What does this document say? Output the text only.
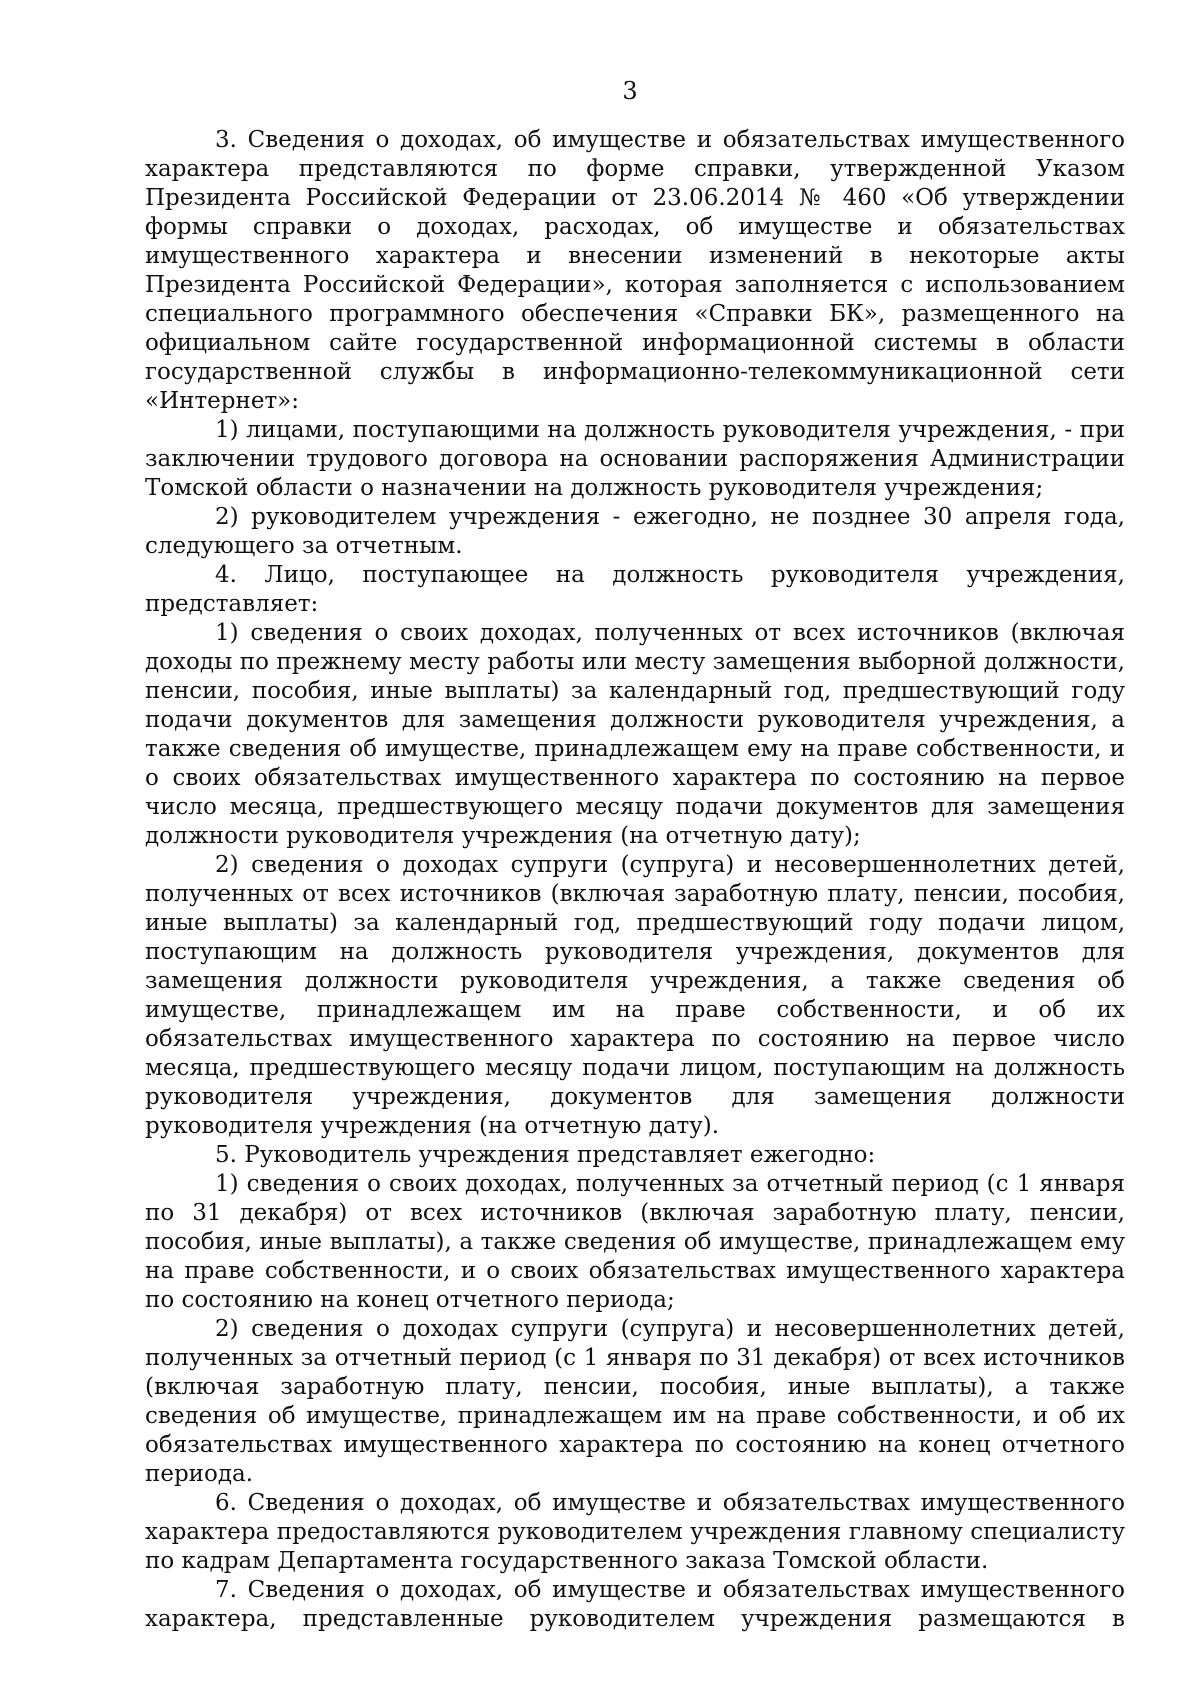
3

3. Сведения о доходах, об имуществе и обязательствах имущественного характера представляются по форме справки, утвержденной Указом Президента Российской Федерации от 23.06.2014 № 460 «Об утверждении формы справки о доходах, расходах, об имуществе и обязательствах имущественного характера и внесении изменений в некоторые акты Президента Российской Федерации», которая заполняется с использованием специального программного обеспечения «Справки БК», размещенного на официальном сайте государственной информационной системы в области государственной службы в информационно-телекоммуникационной сети «Интернет»:

1) лицами, поступающими на должность руководителя учреждения, - при заключении трудового договора на основании распоряжения Администрации Томской области о назначении на должность руководителя учреждения;

2) руководителем учреждения - ежегодно, не позднее 30 апреля года, следующего за отчетным.

4. Лицо, поступающее на должность руководителя учреждения, представляет:

1) сведения о своих доходах, полученных от всех источников (включая доходы по прежнему месту работы или месту замещения выборной должности, пенсии, пособия, иные выплаты) за календарный год, предшествующий году подачи документов для замещения должности руководителя учреждения, а также сведения об имуществе, принадлежащем ему на праве собственности, и о своих обязательствах имущественного характера по состоянию на первое число месяца, предшествующего месяцу подачи документов для замещения должности руководителя учреждения (на отчетную дату);

2) сведения о доходах супруги (супруга) и несовершеннолетних детей, полученных от всех источников (включая заработную плату, пенсии, пособия, иные выплаты) за календарный год, предшествующий году подачи лицом, поступающим на должность руководителя учреждения, документов для замещения должности руководителя учреждения, а также сведения об имуществе, принадлежащем им на праве собственности, и об их обязательствах имущественного характера по состоянию на первое число месяца, предшествующего месяцу подачи лицом, поступающим на должность руководителя учреждения, документов для замещения должности руководителя учреждения (на отчетную дату).

5. Руководитель учреждения представляет ежегодно:

1) сведения о своих доходах, полученных за отчетный период (с 1 января по 31 декабря) от всех источников (включая заработную плату, пенсии, пособия, иные выплаты), а также сведения об имуществе, принадлежащем ему на праве собственности, и о своих обязательствах имущественного характера по состоянию на конец отчетного периода;

2) сведения о доходах супруги (супруга) и несовершеннолетних детей, полученных за отчетный период (с 1 января по 31 декабря) от всех источников (включая заработную плату, пенсии, пособия, иные выплаты), а также сведения об имуществе, принадлежащем им на праве собственности, и об их обязательствах имущественного характера по состоянию на конец отчетного периода.

6. Сведения о доходах, об имуществе и обязательствах имущественного характера предоставляются руководителем учреждения главному специалисту по кадрам Департамента государственного заказа Томской области.

7. Сведения о доходах, об имуществе и обязательствах имущественного характера, представленные руководителем учреждения размещаются в
